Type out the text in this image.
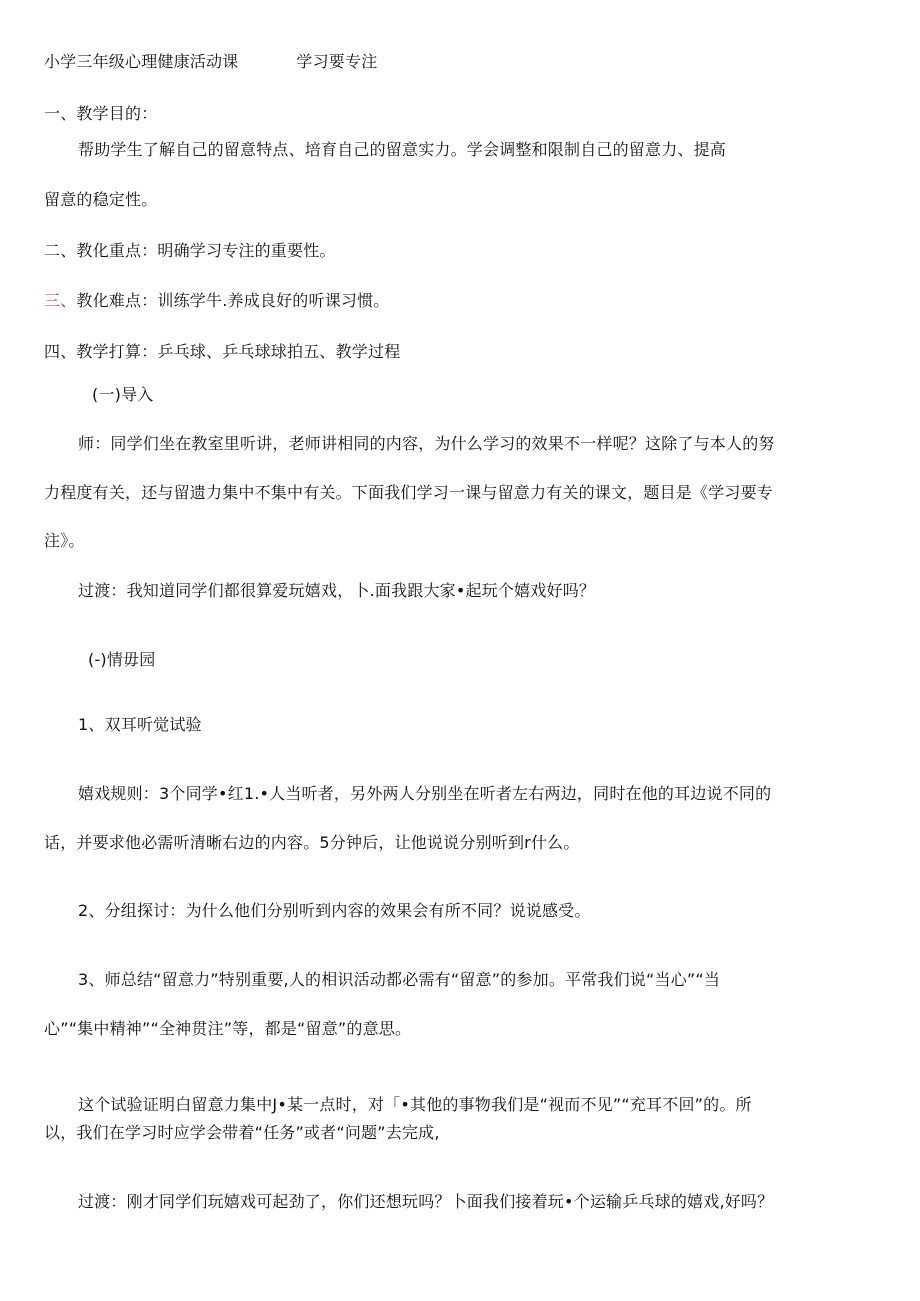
小学三年级心理健康活动课	学习要专注
一、教学目的：
帮助学生了解自己的留意特点、培育自己的留意实力。学会调整和限制自己的留意力、提高
留意的稳定性。
二、教化重点：明确学习专注的重要性。
三、教化难点：训练学牛.养成良好的听课习惯。
四、教学打算：乒乓球、乒乓球球拍五、教学过程
(一)导入
师：同学们坐在教室里听讲，老师讲相同的内容，为什么学习的效果不一样呢？这除了与本人的努
力程度有关，还与留遗力集中不集中有关。下面我们学习一课与留意力有关的课文，题目是《学习要专
注》。
过渡：我知道同学们都很算爱玩嬉戏，卜.面我跟大家•起玩个嬉戏好吗？
(-)情毋园
1、双耳听觉试验
嬉戏规则：3个同学•红1.•人当听者，另外两人分别坐在听者左右两边，同时在他的耳边说不同的
话，并要求他必需听清晰右边的内容。5分钟后，让他说说分别听到r什么。
2、分组探讨：为什么他们分别听到内容的效果会有所不同？说说感受。
3、师总结“留意力”特别重要,人的相识活动都必需有“留意”的参加。平常我们说“当心”“当
心”“集中精神”“全神贯注”等，都是“留意”的意思。
这个试验证明白留意力集中J•某一点时，对「•其他的事物我们是“视而不见”“充耳不回”的。所
以，我们在学习时应学会带着“任务”或者“问题”去完成,
过渡：刚才同学们玩嬉戏可起劲了，你们还想玩吗？卜面我们接着玩•个运输乒乓球的嬉戏,好吗？
